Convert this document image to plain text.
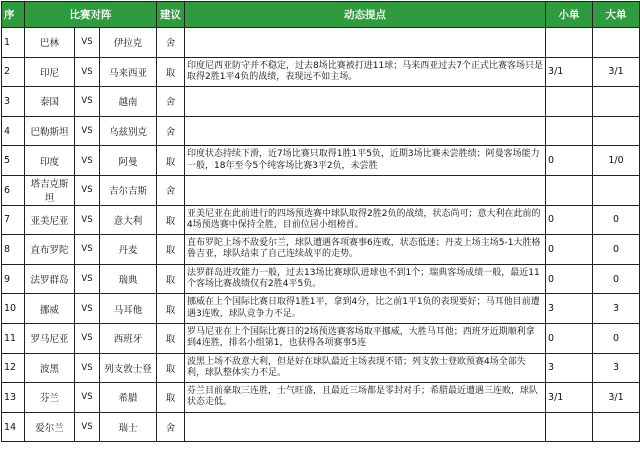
序	比赛对阵			建议	动态提点	小单	大单
1	巴林	VS	伊拉克	舍			
2	印尼	VS	马来西亚	取	印度尼西亚防守并不稳定，过去8场比赛被打进11球；马来西亚过去7个正式比赛客场只是取得2胜1平4负的战绩，表现远不如主场。	3/1	3/1
3	泰国	VS	越南	舍			
4	巴勒斯坦	VS	乌兹别克	舍			
5	印度	VS	阿曼	取	印度状态持续下滑，近7场比赛只取得1胜1平5负，近期3场比赛未尝胜绩；阿曼客场能力一般，18年至今5个纯客场比赛3平2负，未尝胜	0	1/0
6	塔吉克斯坦	VS	吉尔吉斯	舍			
7	亚美尼亚	VS	意大利	取	亚美尼亚在此前进行的四场预选赛中球队取得2胜2负的战绩，状态尚可；意大利在此前的4场预选赛中保持全胜，目前位居小组榜首。	0	0
8	直布罗陀	VS	丹麦	取	直布罗陀上场不敌爱尔兰，球队遭遇各项赛事6连败，状态低迷；丹麦上场主场5-1大胜格鲁吉亚，球队结束了自己连续战平的走势。	0	0
9	法罗群岛	VS	瑞典	取	法罗群岛进攻能力一般，过去13场比赛球队进球也不到1个；瑞典客场成绩一般，最近11个客场比赛战绩仅有2胜4平5负。	0	0
10	挪威	VS	马耳他	取	挪威在上个国际比赛日取得1胜1平，拿到4分，比之前1平1负的表现要好；马耳他目前遭遇3连败，球队竞争力不足。	3	3
11	罗马尼亚	VS	西班牙	取	罗马尼亚在上个国际比赛日的2场预选赛客场取平挪威，大胜马耳他；西班牙近期顺利拿到4连胜，排名小组第1，也获得各项赛事5连	0	0
12	波黑	VS	列支敦士登	取	波黑上场不敌意大利，但是好在球队最近主场表现不错；列支敦士登欧预赛4场全部失利，球队整体实力不足。	3	3
13	芬兰	VS	希腊	取	芬兰目前豪取三连胜，士气旺盛，且最近三场都是零封对手；希腊最近遭遇三连败，球队状态走低。	3/1	3/1
14	爱尔兰	VS	瑞士	舍			
